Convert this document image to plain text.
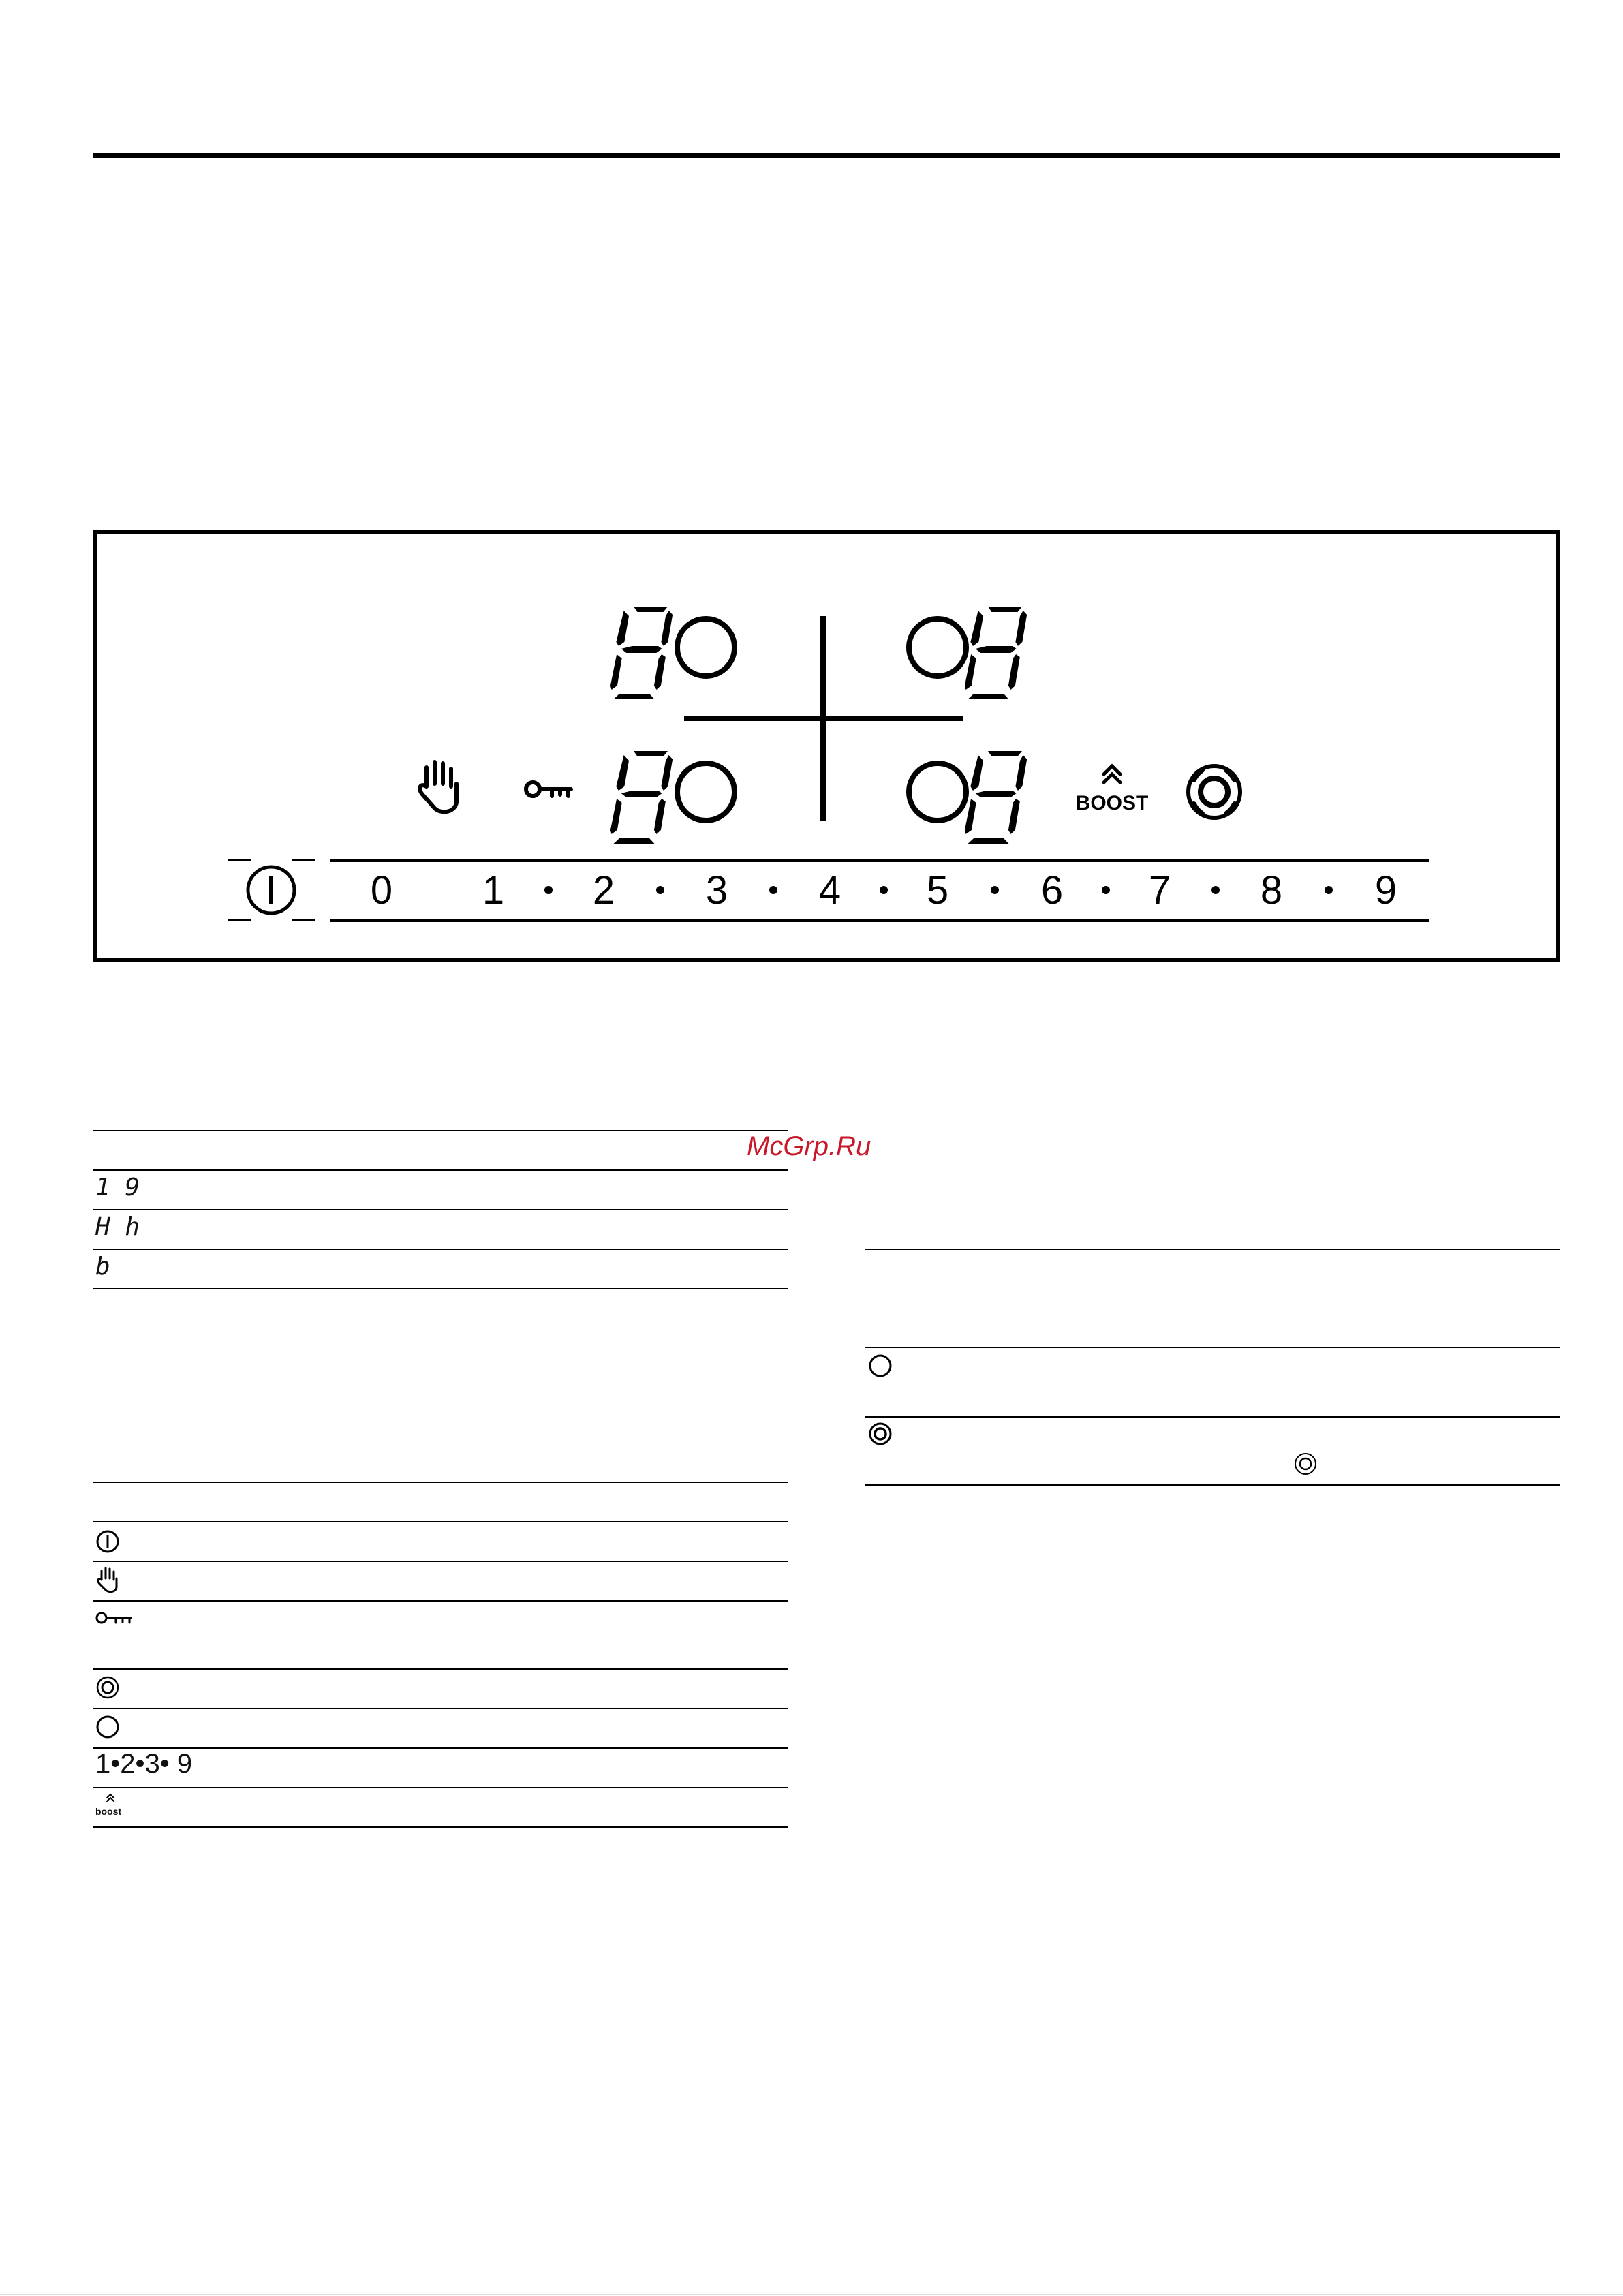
BOOST
0 1 2 3 4 5 6 7 8 9
McGrp.Ru
1 9
H h
b
1•2•3• 9
boost
